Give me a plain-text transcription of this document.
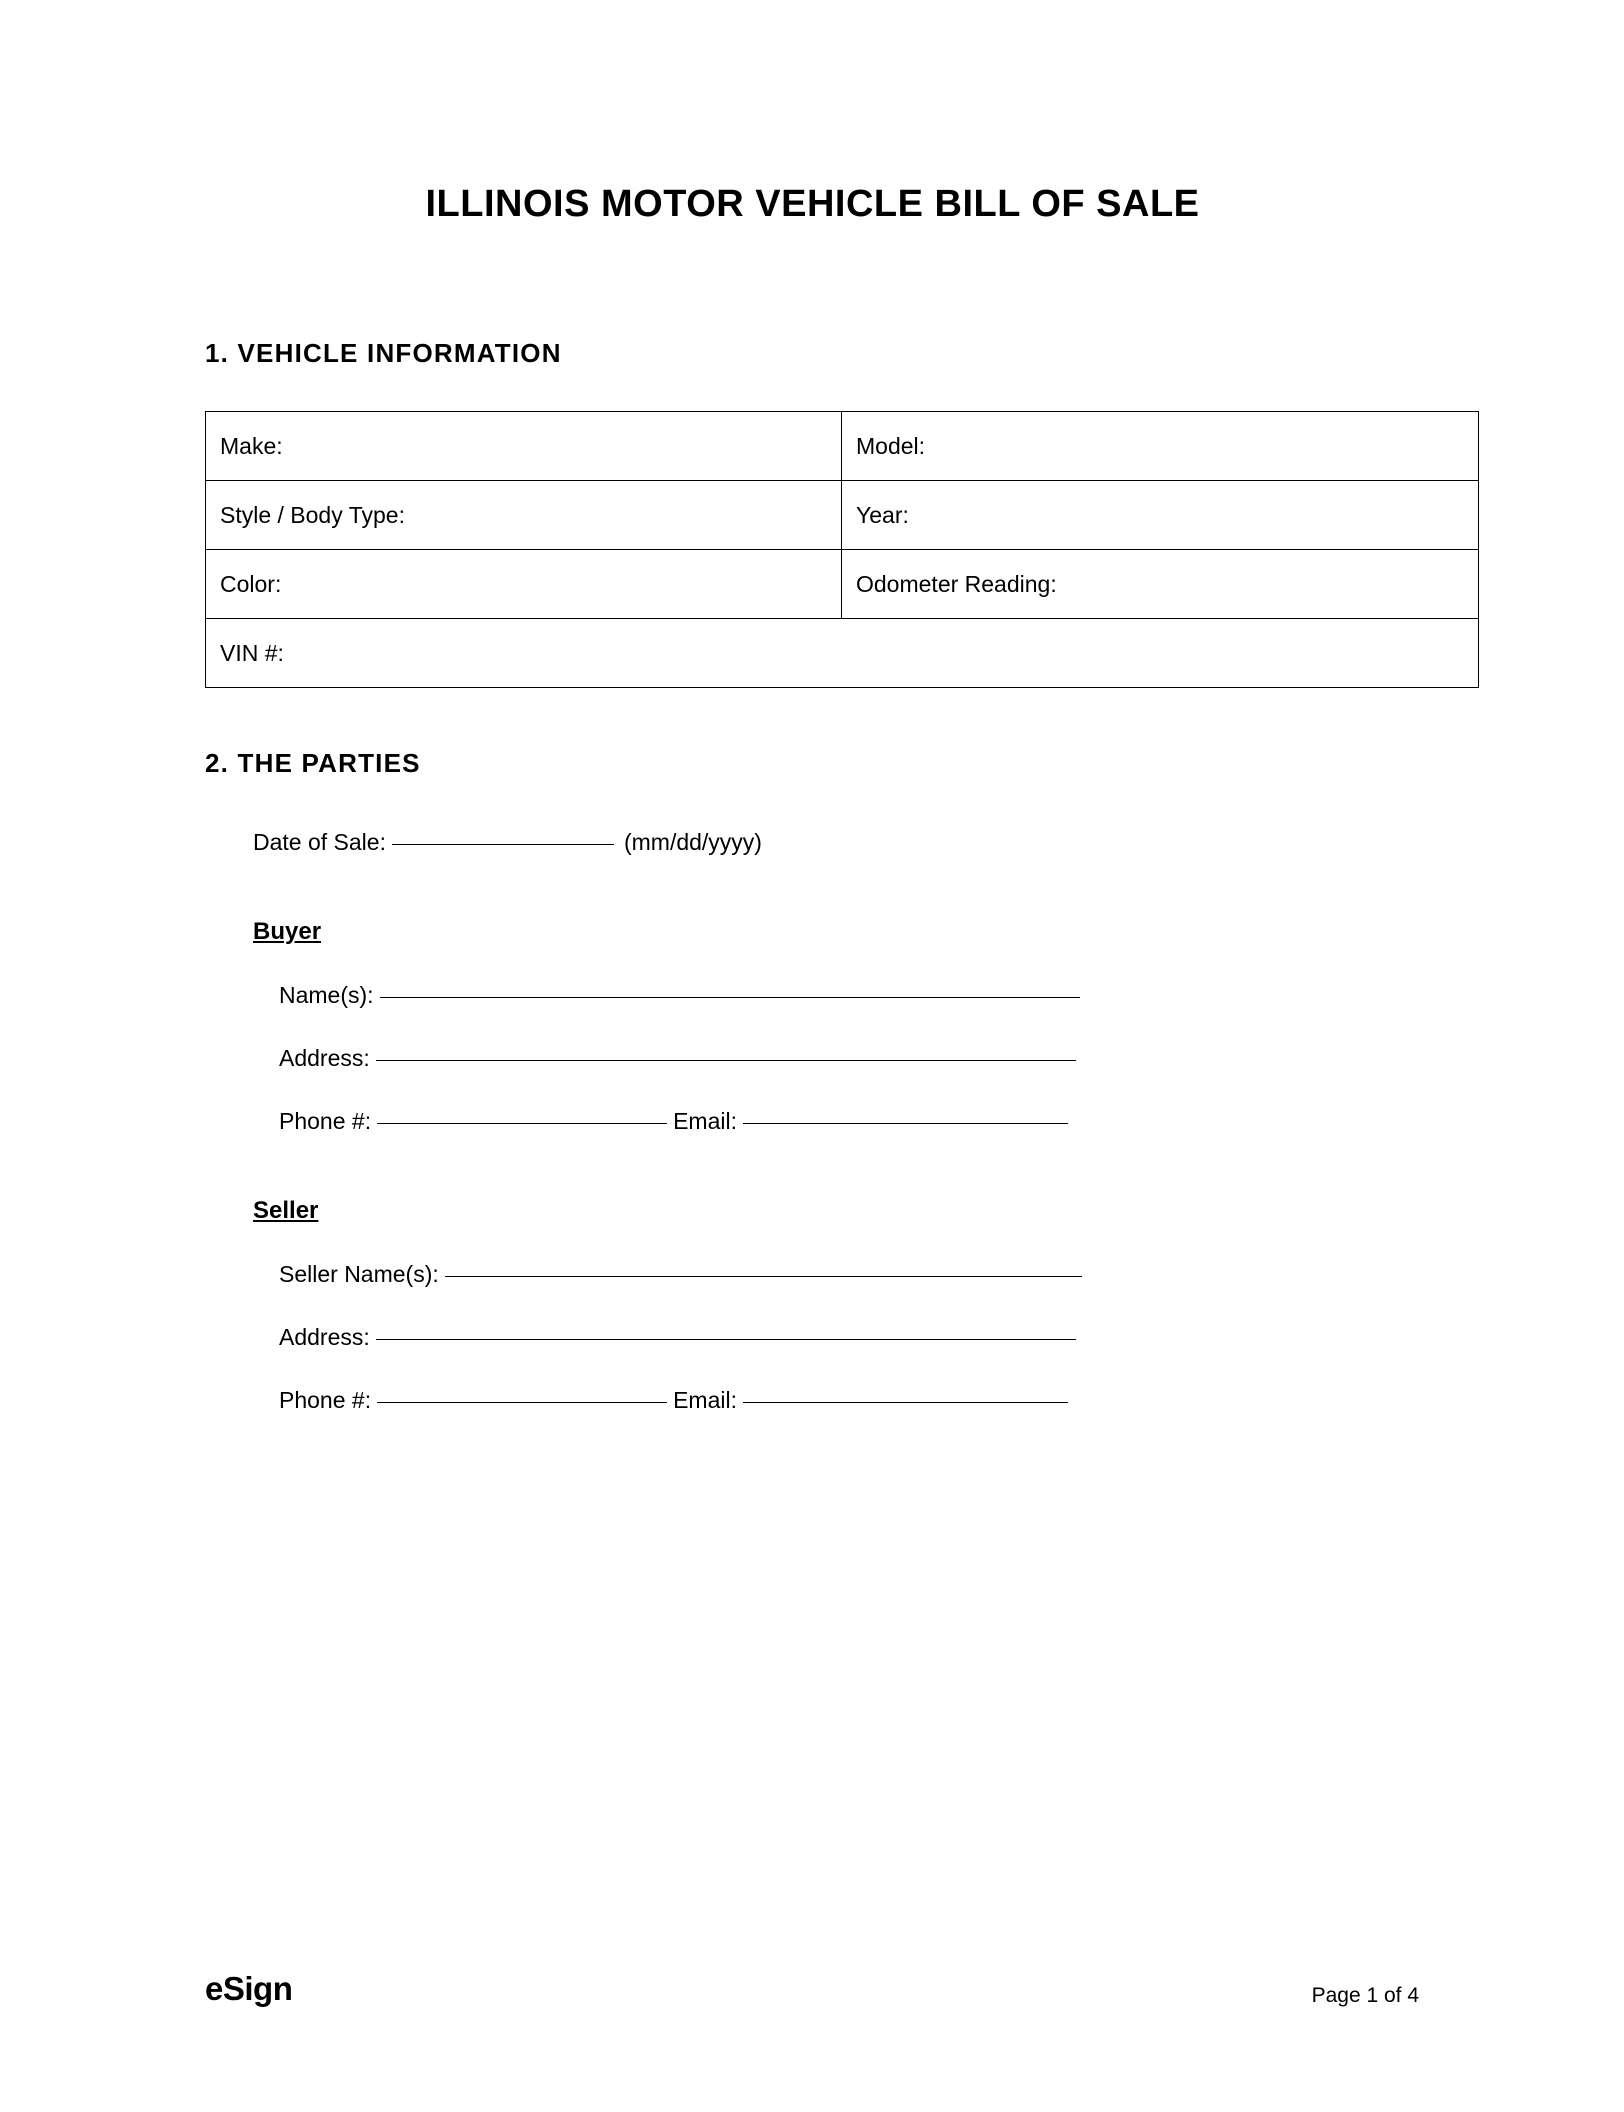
ILLINOIS MOTOR VEHICLE BILL OF SALE
1. VEHICLE INFORMATION
Make:	Model:
Style / Body Type:	Year:
Color:	Odometer Reading:
VIN #:	
2. THE PARTIES
Date of Sale:	(mm/dd/yyyy)
Buyer
Name(s):
Address:
Phone #:	Email:
Seller
Seller Name(s):
Address:
Phone #:	Email:
eSign	Page 1 of 4
